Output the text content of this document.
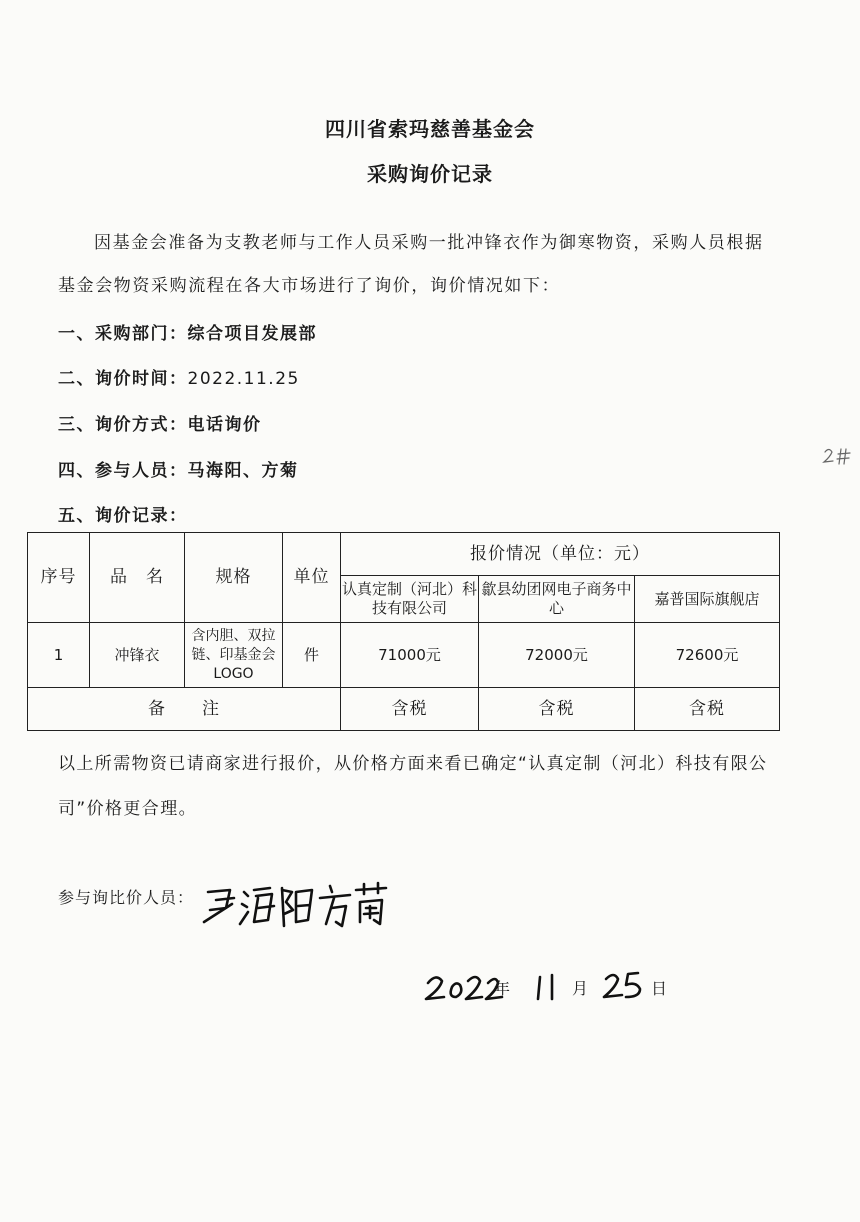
四川省索玛慈善基金会
采购询价记录
因基金会准备为支教老师与工作人员采购一批冲锋衣作为御寒物资，采购人员根据基金会物资采购流程在各大市场进行了询价，询价情况如下：
一、采购部门：综合项目发展部
二、询价时间：2022.11.25
三、询价方式：电话询价
四、参与人员：马海阳、方菊
五、询价记录：
序号	品　名	规格	单位	报价情况（单位：元）		
				认真定制（河北）科技有限公司	歙县幼团网电子商务中心	嘉普国际旗舰店
1	冲锋衣	含内胆、双拉链、印基金会LOGO	件	71000元	72000元	72600元
备　　注				含税	含税	含税
以上所需物资已请商家进行报价，从价格方面来看已确定“认真定制（河北）科技有限公司”价格更合理。
参与询比价人员：
年	月	日
